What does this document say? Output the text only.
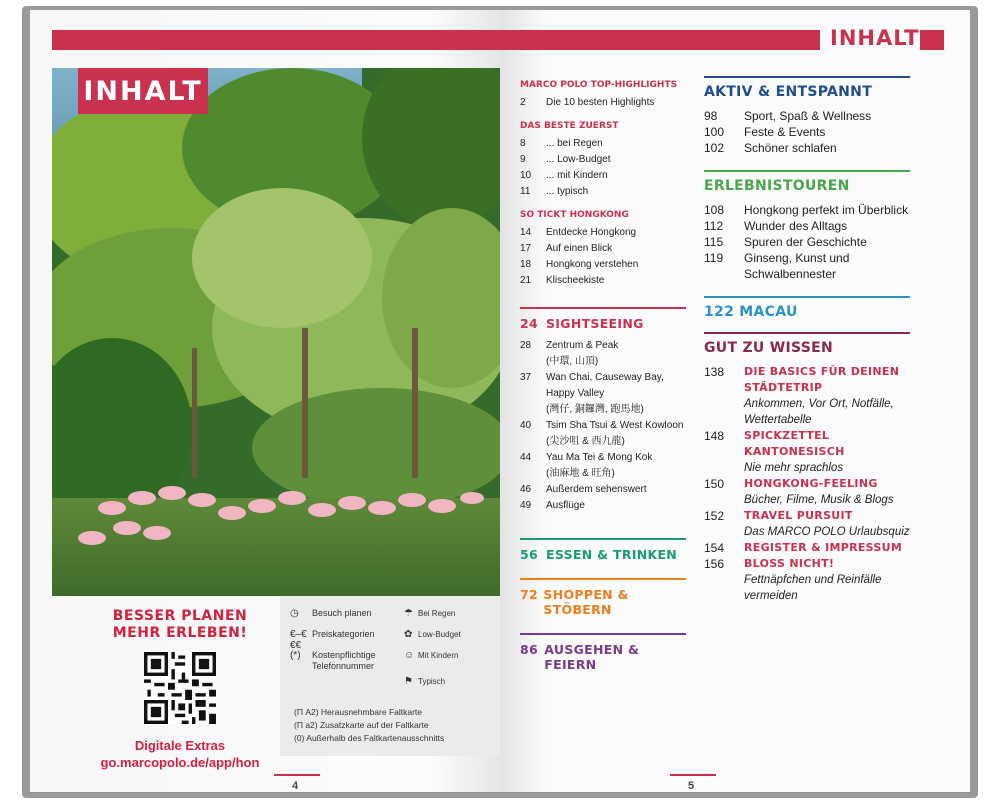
INHALT
BESSER PLANEN
MEHR ERLEBEN!
Digitale Extras
go.marcopolo.de/app/hon
◷	Besuch planen	☂ Bei Regen
€–€€€
Preiskategorien	✿ Low-Budget
(*)	Kostenpflichtige Telefonnummer
☺ Mit Kindern
⚑ Typisch
(Π A2) Herausnehmbare Faltkarte
(Π a2) Zusatzkarte auf der Faltkarte
(0) Außerhalb des Faltkartenausschnitts
4
INHALT
MARCO POLO TOP-HIGHLIGHTS
2	Die 10 besten Highlights
DAS BESTE ZUERST
8	... bei Regen
9	... Low-Budget
10	... mit Kindern
11	... typisch
SO TICKT HONGKONG
14	Entdecke Hongkong
17	Auf einen Blick
18	Hongkong verstehen
21	Klischeekiste
24 SIGHTSEEING
28	Zentrum & Peak
(中環, 山頂)
37	Wan Chai, Causeway Bay, Happy Valley
(灣仔, 銅鑼灣, 跑馬地)
40	Tsim Sha Tsui & West Kowloon
(尖沙咀 & 西九龍)
44	Yau Ma Tei & Mong Kok
(油麻地 & 旺角)
46	Außerdem sehenswert
49	Ausflüge
56 ESSEN & TRINKEN
72 SHOPPEN & STÖBERN
86 AUSGEHEN & FEIERN
AKTIV & ENTSPANNT
98	Sport, Spaß & Wellness
100	Feste & Events
102	Schöner schlafen
ERLEBNISTOUREN
108	Hongkong perfekt im Überblick
112	Wunder des Alltags
115	Spuren der Geschichte
119	Ginseng, Kunst und Schwalbennester
122 MACAU
GUT ZU WISSEN
138	DIE BASICS FÜR DEINEN STÄDTETRIP
Ankommen, Vor Ort, Notfälle, Wettertabelle
148	SPICKZETTEL KANTONESISCH
Nie mehr sprachlos
150	HONGKONG-FEELING
Bücher, Filme, Musik & Blogs
152	TRAVEL PURSUIT
Das MARCO POLO Urlaubsquiz
154	REGISTER & IMPRESSUM
156	BLOSS NICHT!
Fettnäpfchen und Reinfälle vermeiden
5
